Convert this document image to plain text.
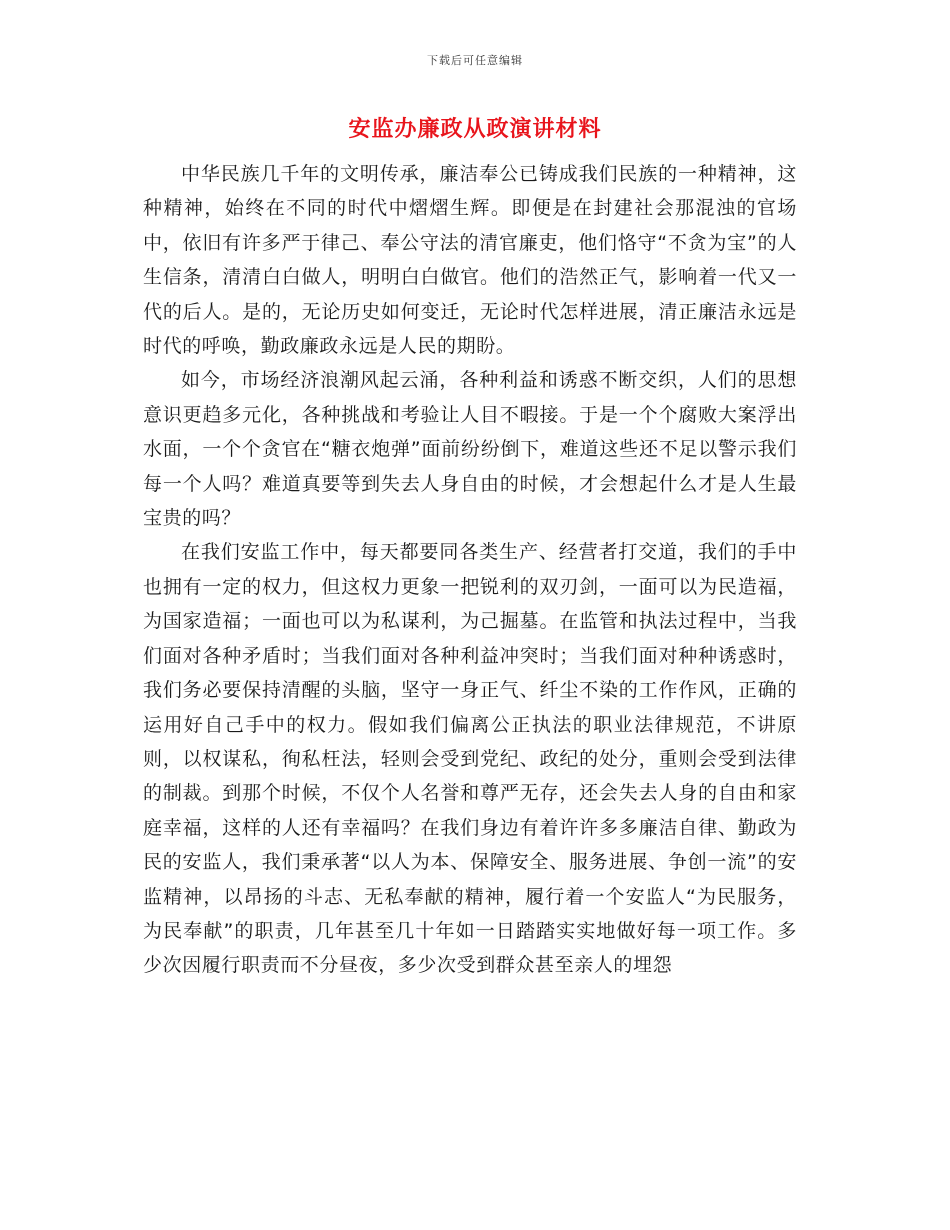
下载后可任意编辑
安监办廉政从政演讲材料

中华民族几千年的文明传承，廉洁奉公已铸成我们民族的一种精神，这种精神，始终在不同的时代中熠熠生辉。即便是在封建社会那混浊的官场中，依旧有许多严于律己、奉公守法的清官廉吏，他们恪守“不贪为宝”的人生信条，清清白白做人，明明白白做官。他们的浩然正气，影响着一代又一代的后人。是的，无论历史如何变迁，无论时代怎样进展，清正廉洁永远是时代的呼唤，勤政廉政永远是人民的期盼。

如今，市场经济浪潮风起云涌，各种利益和诱惑不断交织，人们的思想意识更趋多元化，各种挑战和考验让人目不暇接。于是一个个腐败大案浮出水面，一个个贪官在“糖衣炮弹”面前纷纷倒下，难道这些还不足以警示我们每一个人吗？难道真要等到失去人身自由的时候，才会想起什么才是人生最宝贵的吗？

在我们安监工作中，每天都要同各类生产、经营者打交道，我们的手中也拥有一定的权力，但这权力更象一把锐利的双刃剑，一面可以为民造福，为国家造福；一面也可以为私谋利，为己掘墓。在监管和执法过程中，当我们面对各种矛盾时；当我们面对各种利益冲突时；当我们面对种种诱惑时，我们务必要保持清醒的头脑，坚守一身正气、纤尘不染的工作作风，正确的运用好自己手中的权力。假如我们偏离公正执法的职业法律规范，不讲原则，以权谋私，徇私枉法，轻则会受到党纪、政纪的处分，重则会受到法律的制裁。到那个时候，不仅个人名誉和尊严无存，还会失去人身的自由和家庭幸福，这样的人还有幸福吗？在我们身边有着许许多多廉洁自律、勤政为民的安监人，我们秉承著“以人为本、保障安全、服务进展、争创一流”的安监精神，以昂扬的斗志、无私奉献的精神，履行着一个安监人“为民服务，为民奉献”的职责，几年甚至几十年如一日踏踏实实地做好每一项工作。多少次因履行职责而不分昼夜，多少次受到群众甚至亲人的埋怨
